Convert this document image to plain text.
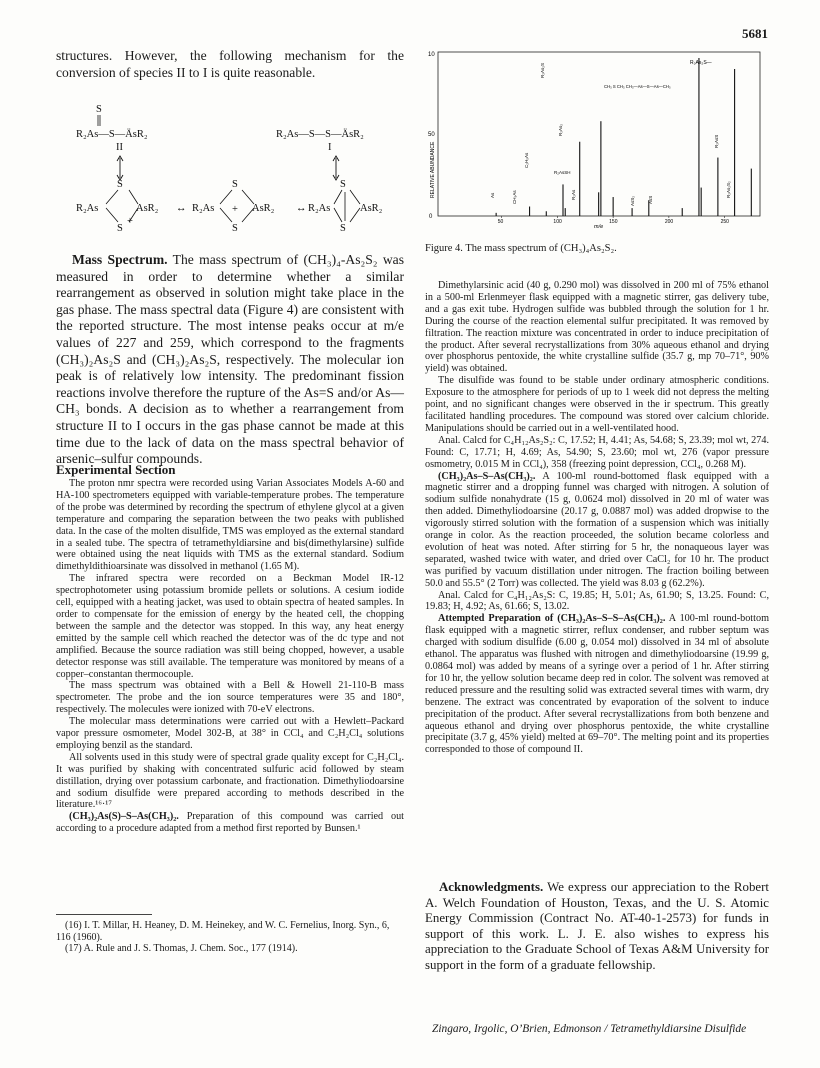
5681
structures. However, the following mechanism for the conversion of species II to I is quite reasonable.
S
R₂As—S—ÄsR₂
II
R₂As—S—S—ÄsR₂
I
R₂As	AsR₂
S
S
+
↔	↔
R₂As	AsR₂
S
S
+	R₂As	AsR₂
S
S
Mass Spectrum. The mass spectrum of (CH₃)₄-As₂S₂ was measured in order to determine whether a similar rearrangement as observed in solution might take place in the gas phase. The mass spectral data (Figure 4) are consistent with the reported structure. The most intense peaks occur at m/e values of 227 and 259, which correspond to the fragments (CH₃)₂As₂S and (CH₃)₂As₂S, respectively. The molecular ion peak is of relatively low intensity. The predominant fission reactions involve therefore the rupture of the As=S and/or As—CH₃ bonds. A decision as to whether a rearrangement from structure II to I occurs in the gas phase cannot be made at this time due to the lack of data on the mass spectral behavior of arsenic–sulfur compounds.
Experimental Section

The proton nmr spectra were recorded using Varian Associates Models A-60 and HA-100 spectrometers equipped with variable-temperature probes. The temperature of the probe was determined by recording the spectrum of ethylene glycol at a given temperature and comparing the separation between the two peaks with published data. In the case of the molten disulfide, TMS was employed as the external standard in a sealed tube. The spectra of tetramethyldiarsine and bis(dimethylarsine) sulfide were obtained using the neat liquids with TMS as the external standard. Sodium dimethyldithioarsinate was dissolved in methanol (1.65 M).

The infrared spectra were recorded on a Beckman Model IR-12 spectrophotometer using potassium bromide pellets or solutions. A cesium iodide cell, equipped with a heating jacket, was used to obtain spectra of heated samples. In order to compensate for the emission of energy by the heated cell, the chopping between the sample and the detector was stopped. In this way, any heat energy emitted by the sample cell which reached the detector was of the dc type and not amplified. Because the source radiation was still being chopped, however, a usable detector response was still available. The temperature was monitored by means of a copper–constantan thermocouple.

The mass spectrum was obtained with a Bell & Howell 21-110-B mass spectrometer. The probe and the ion source temperatures were 35 and 180°, respectively. The molecules were ionized with 70-eV electrons.

The molecular mass determinations were carried out with a Hewlett–Packard vapor pressure osmometer, Model 302-B, at 38° in CCl₄ and C₂H₂Cl₄ solutions employing benzil as the standard.

All solvents used in this study were of spectral grade quality except for C₂H₂Cl₄. It was purified by shaking with concentrated sulfuric acid followed by steam distillation, drying over potassium carbonate, and fractionation. Dimethyliodoarsine and sodium disulfide were prepared according to methods described in the literature.¹⁶·¹⁷

(CH₃)₂As(S)–S–As(CH₃)₂. Preparation of this compound was carried out according to a procedure adapted from a method first reported by Bunsen.¹

(16) I. T. Millar, H. Heaney, D. M. Heinekey, and W. C. Fernelius, Inorg. Syn., 6, 116 (1960).

(17) A. Rule and J. S. Thomas, J. Chem. Soc., 177 (1914).

10
50
0
RELATIVE ABUNDANCE
m/e
50	100	150	200	250
R₂As₂S—
CH₃ S CH₃ CH₃—As—S—As—CH₃
R₂As₂S
R₂As₂S₂
R₂AsSH
R₂AsS
AsS
As
AsS₂
R₂As
CH₃As
C₂H₅As
R₂As₂
Figure 4. The mass spectrum of (CH₃)₄As₂S₂.

Dimethylarsinic acid (40 g, 0.290 mol) was dissolved in 200 ml of 75% ethanol in a 500-ml Erlenmeyer flask equipped with a magnetic stirrer, gas delivery tube, and a gas exit tube. Hydrogen sulfide was bubbled through the solution for 1 hr. During the course of the reaction elemental sulfur precipitated. It was removed by filtration. The reaction mixture was concentrated in order to induce precipitation of the product. After several recrystallizations from 30% aqueous ethanol and drying over phosphorus pentoxide, the white crystalline sulfide (35.7 g, mp 70–71°, 90% yield) was obtained.

The disulfide was found to be stable under ordinary atmospheric conditions. Exposure to the atmosphere for periods of up to 1 week did not depress the melting point, and no significant changes were observed in the ir spectrum. This greatly facilitated handling procedures. The compound was stored over calcium chloride. Manipulations should be carried out in a well-ventilated hood.

Anal. Calcd for C₄H₁₂As₂S₂: C, 17.52; H, 4.41; As, 54.68; S, 23.39; mol wt, 274. Found: C, 17.71; H, 4.69; As, 54.90; S, 23.60; mol wt, 276 (vapor pressure osmometry, 0.015 M in CCl₄), 358 (freezing point depression, CCl₄, 0.268 M).

(CH₃)₂As–S–As(CH₃)₂. A 100-ml round-bottomed flask equipped with a magnetic stirrer and a dropping funnel was charged with nitrogen. A solution of sodium sulfide nonahydrate (15 g, 0.0624 mol) dissolved in 20 ml of water was then added. Dimethyliodoarsine (20.17 g, 0.0887 mol) was added dropwise to the vigorously stirred solution with the formation of a suspension which was initially orange in color. As the reaction proceeded, the solution became colorless and evolution of heat was noted. After stirring for 5 hr, the nonaqueous layer was separated, washed twice with water, and dried over CaCl₂ for 10 hr. The product was purified by vacuum distillation under nitrogen. The fraction boiling between 50.0 and 55.5° (2 Torr) was collected. The yield was 8.03 g (62.2%).

Anal. Calcd for C₄H₁₂As₂S: C, 19.85; H, 5.01; As, 61.90; S, 13.25. Found: C, 19.83; H, 4.92; As, 61.66; S, 13.02.

Attempted Preparation of (CH₃)₂As–S–S–As(CH₃)₂. A 100-ml round-bottom flask equipped with a magnetic stirrer, reflux condenser, and rubber septum was charged with sodium disulfide (6.00 g, 0.054 mol) dissolved in 34 ml of absolute ethanol. The apparatus was flushed with nitrogen and dimethyliodoarsine (19.99 g, 0.0864 mol) was added by means of a syringe over a period of 1 hr. After stirring for 10 hr, the yellow solution became deep red in color. The solvent was removed at reduced pressure and the resulting solid was extracted several times with warm, dry benzene. The extract was concentrated by evaporation of the solvent to induce precipitation of the product. After several recrystallizations from both benzene and aqueous ethanol and drying over phosphorus pentoxide, the white crystalline precipitate (3.7 g, 45% yield) melted at 69–70°. The melting point and its properties corresponded to those of compound II.

Acknowledgments. We express our appreciation to the Robert A. Welch Foundation of Houston, Texas, and the U. S. Atomic Energy Commission (Contract No. AT-40-1-2573) for funds in support of this work. L. J. E. also wishes to express his appreciation to the Graduate School of Texas A&M University for support in the form of a graduate fellowship.
Zingaro, Irgolic, O’Brien, Edmonson / Tetramethyldiarsine Disulfide
